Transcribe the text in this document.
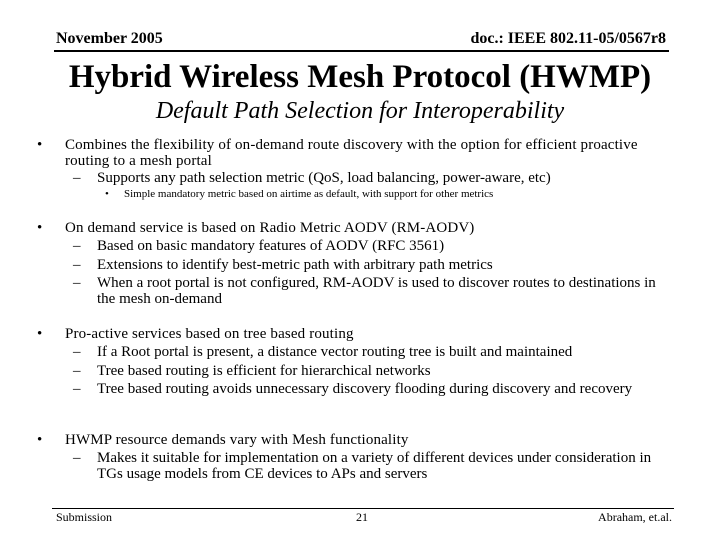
November 2005	doc.: IEEE 802.11-05/0567r8
Hybrid Wireless Mesh Protocol (HWMP)
Default Path Selection for Interoperability
• Combines the flexibility of on-demand route discovery with the option for efficient proactive routing to a mesh portal
– Supports any path selection metric (QoS, load balancing, power-aware, etc)
• Simple mandatory metric based on airtime as default, with support for other metrics
• On demand service is based on Radio Metric AODV (RM-AODV)
– Based on basic mandatory features of AODV (RFC 3561)
– Extensions to identify best-metric path with arbitrary path metrics
– When a root portal is not configured, RM-AODV is used to discover routes to destinations in the mesh on-demand
• Pro-active services based on tree based routing
– If a Root portal is present, a distance vector routing tree is built and maintained
– Tree based routing is efficient for hierarchical networks
– Tree based routing avoids unnecessary discovery flooding during discovery and recovery
• HWMP resource demands vary with Mesh functionality
– Makes it suitable for implementation on a variety of different devices under consideration in TGs usage models from CE devices to APs and servers
Submission	21	Abraham, et.al.
